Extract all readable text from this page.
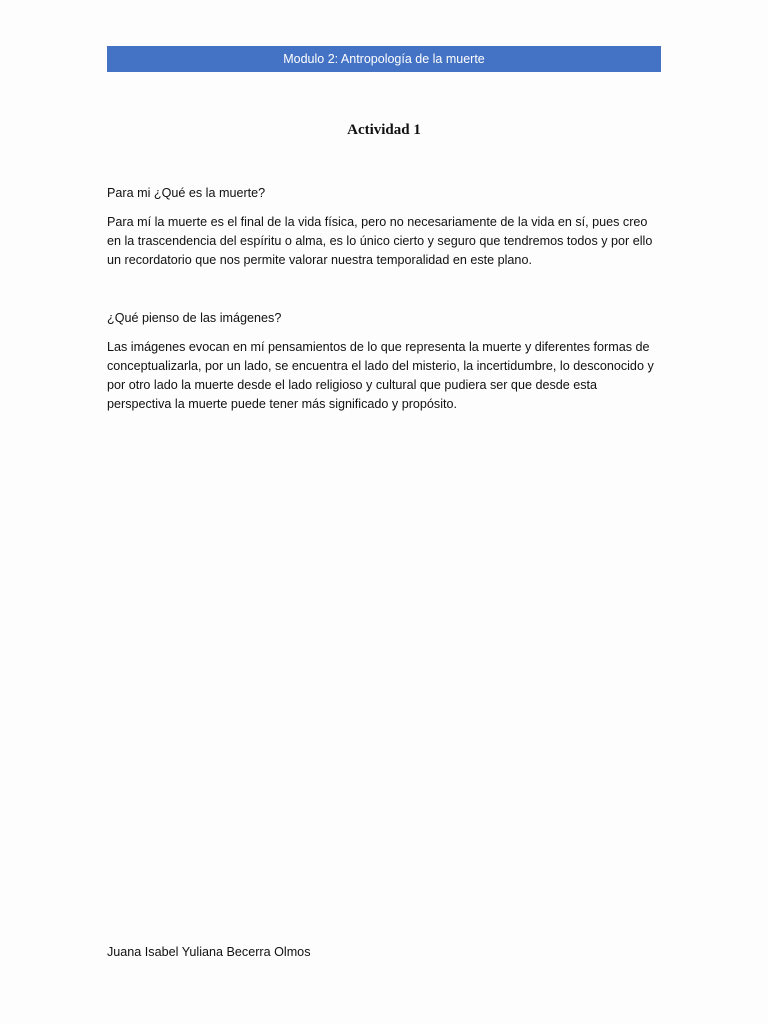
Modulo 2: Antropología de la muerte
Actividad 1

Para mi ¿Qué es la muerte?

Para mí la muerte es el final de la vida física, pero no necesariamente de la vida en sí, pues creo en la trascendencia del espíritu o alma, es lo único cierto y seguro que tendremos todos y por ello un recordatorio que nos permite valorar nuestra temporalidad en este plano.

¿Qué pienso de las imágenes?

Las imágenes evocan en mí pensamientos de lo que representa la muerte y diferentes formas de conceptualizarla, por un lado, se encuentra el lado del misterio, la incertidumbre, lo desconocido y por otro lado la muerte desde el lado religioso y cultural que pudiera ser que desde esta perspectiva la muerte puede tener más significado y propósito.

Juana Isabel Yuliana Becerra Olmos
